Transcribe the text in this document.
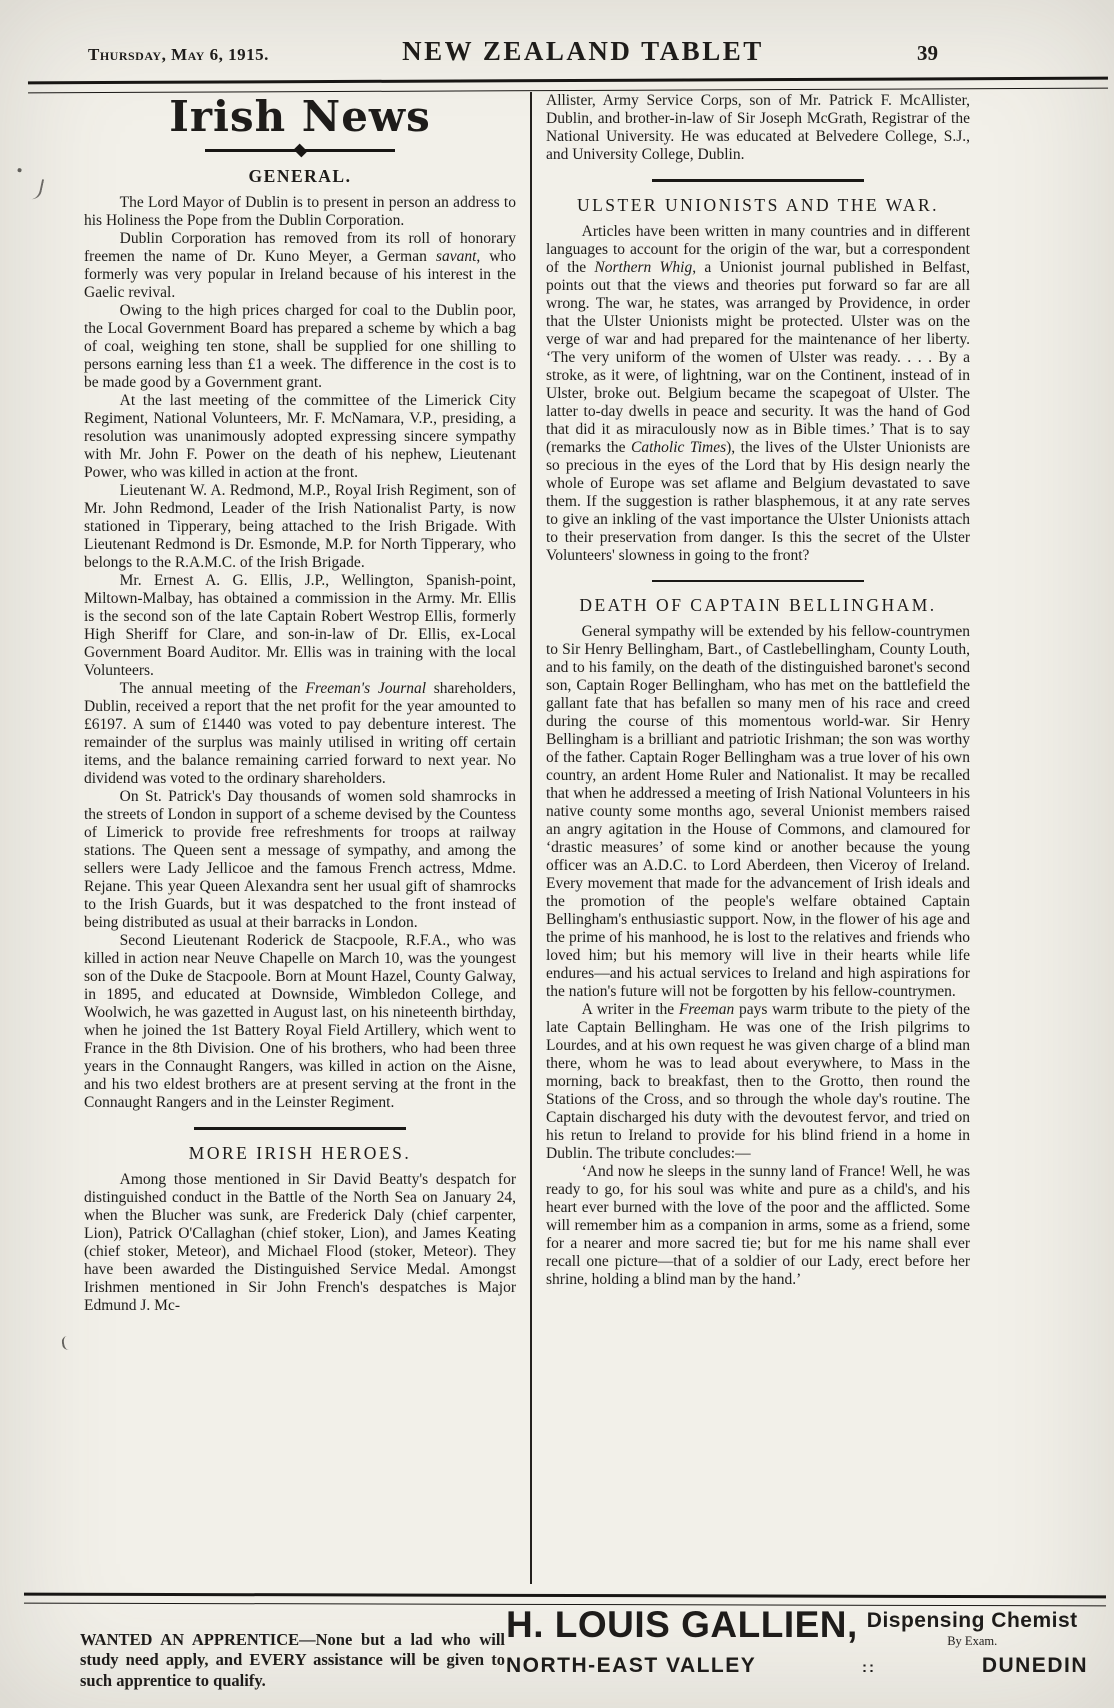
Thursday, May 6, 1915.	NEW ZEALAND TABLET	39
Irish News
GENERAL.

The Lord Mayor of Dublin is to present in person an address to his Holiness the Pope from the Dublin Corporation.

Dublin Corporation has removed from its roll of honorary freemen the name of Dr. Kuno Meyer, a German savant, who formerly was very popular in Ireland because of his interest in the Gaelic revival.

Owing to the high prices charged for coal to the Dublin poor, the Local Government Board has prepared a scheme by which a bag of coal, weighing ten stone, shall be supplied for one shilling to persons earning less than £1 a week. The difference in the cost is to be made good by a Government grant.

At the last meeting of the committee of the Limerick City Regiment, National Volunteers, Mr. F. McNamara, V.P., presiding, a resolution was unanimously adopted expressing sincere sympathy with Mr. John F. Power on the death of his nephew, Lieutenant Power, who was killed in action at the front.

Lieutenant W. A. Redmond, M.P., Royal Irish Regiment, son of Mr. John Redmond, Leader of the Irish Nationalist Party, is now stationed in Tipperary, being attached to the Irish Brigade. With Lieutenant Redmond is Dr. Esmonde, M.P. for North Tipperary, who belongs to the R.A.M.C. of the Irish Brigade.

Mr. Ernest A. G. Ellis, J.P., Wellington, Spanish-point, Miltown-Malbay, has obtained a commission in the Army. Mr. Ellis is the second son of the late Captain Robert Westrop Ellis, formerly High Sheriff for Clare, and son-in-law of Dr. Ellis, ex-Local Government Board Auditor. Mr. Ellis was in training with the local Volunteers.

The annual meeting of the Freeman's Journal shareholders, Dublin, received a report that the net profit for the year amounted to £6197. A sum of £1440 was voted to pay debenture interest. The remainder of the surplus was mainly utilised in writing off certain items, and the balance remaining carried forward to next year. No dividend was voted to the ordinary shareholders.

On St. Patrick's Day thousands of women sold shamrocks in the streets of London in support of a scheme devised by the Countess of Limerick to provide free refreshments for troops at railway stations. The Queen sent a message of sympathy, and among the sellers were Lady Jellicoe and the famous French actress, Mdme. Rejane. This year Queen Alexandra sent her usual gift of shamrocks to the Irish Guards, but it was despatched to the front instead of being distributed as usual at their barracks in London.

Second Lieutenant Roderick de Stacpoole, R.F.A., who was killed in action near Neuve Chapelle on March 10, was the youngest son of the Duke de Stacpoole. Born at Mount Hazel, County Galway, in 1895, and educated at Downside, Wimbledon College, and Woolwich, he was gazetted in August last, on his nineteenth birthday, when he joined the 1st Battery Royal Field Artillery, which went to France in the 8th Division. One of his brothers, who had been three years in the Connaught Rangers, was killed in action on the Aisne, and his two eldest brothers are at present serving at the front in the Connaught Rangers and in the Leinster Regiment.

MORE IRISH HEROES.

Among those mentioned in Sir David Beatty's despatch for distinguished conduct in the Battle of the North Sea on January 24, when the Blucher was sunk, are Frederick Daly (chief carpenter, Lion), Patrick O'Callaghan (chief stoker, Lion), and James Keating (chief stoker, Meteor), and Michael Flood (stoker, Meteor). They have been awarded the Distinguished Service Medal. Amongst Irishmen mentioned in Sir John French's despatches is Major Edmund J. Mc-

Allister, Army Service Corps, son of Mr. Patrick F. McAllister, Dublin, and brother-in-law of Sir Joseph McGrath, Registrar of the National University. He was educated at Belvedere College, S.J., and University College, Dublin.

ULSTER UNIONISTS AND THE WAR.

Articles have been written in many countries and in different languages to account for the origin of the war, but a correspondent of the Northern Whig, a Unionist journal published in Belfast, points out that the views and theories put forward so far are all wrong. The war, he states, was arranged by Providence, in order that the Ulster Unionists might be protected. Ulster was on the verge of war and had prepared for the maintenance of her liberty. ‘The very uniform of the women of Ulster was ready. . . . By a stroke, as it were, of lightning, war on the Continent, instead of in Ulster, broke out. Belgium became the scapegoat of Ulster. The latter to-day dwells in peace and security. It was the hand of God that did it as miraculously now as in Bible times.’ That is to say (remarks the Catholic Times), the lives of the Ulster Unionists are so precious in the eyes of the Lord that by His design nearly the whole of Europe was set aflame and Belgium devastated to save them. If the suggestion is rather blasphemous, it at any rate serves to give an inkling of the vast importance the Ulster Unionists attach to their preservation from danger. Is this the secret of the Ulster Volunteers' slowness in going to the front?

DEATH OF CAPTAIN BELLINGHAM.

General sympathy will be extended by his fellow-countrymen to Sir Henry Bellingham, Bart., of Castlebellingham, County Louth, and to his family, on the death of the distinguished baronet's second son, Captain Roger Bellingham, who has met on the battlefield the gallant fate that has befallen so many men of his race and creed during the course of this momentous world-war. Sir Henry Bellingham is a brilliant and patriotic Irishman; the son was worthy of the father. Captain Roger Bellingham was a true lover of his own country, an ardent Home Ruler and Nationalist. It may be recalled that when he addressed a meeting of Irish National Volunteers in his native county some months ago, several Unionist members raised an angry agitation in the House of Commons, and clamoured for ‘drastic measures’ of some kind or another because the young officer was an A.D.C. to Lord Aberdeen, then Viceroy of Ireland. Every movement that made for the advancement of Irish ideals and the promotion of the people's welfare obtained Captain Bellingham's enthusiastic support. Now, in the flower of his age and the prime of his manhood, he is lost to the relatives and friends who loved him; but his memory will live in their hearts while life endures—and his actual services to Ireland and high aspirations for the nation's future will not be forgotten by his fellow-countrymen.

A writer in the Freeman pays warm tribute to the piety of the late Captain Bellingham. He was one of the Irish pilgrims to Lourdes, and at his own request he was given charge of a blind man there, whom he was to lead about everywhere, to Mass in the morning, back to breakfast, then to the Grotto, then round the Stations of the Cross, and so through the whole day's routine. The Captain discharged his duty with the devoutest fervor, and tried on his retun to Ireland to provide for his blind friend in a home in Dublin. The tribute concludes:—

‘And now he sleeps in the sunny land of France! Well, he was ready to go, for his soul was white and pure as a child's, and his heart ever burned with the love of the poor and the afflicted. Some will remember him as a companion in arms, some as a friend, some for a nearer and more sacred tie; but for me his name shall ever recall one picture—that of a soldier of our Lady, erect before her shrine, holding a blind man by the hand.’

WANTED AN APPRENTICE—None but a lad who will study need apply, and EVERY assistance will be given to such apprentice to qualify.

H. LOUIS GALLIEN, Dispensing Chemist
By Exam.
NORTH-EAST VALLEY	::	DUNEDIN
